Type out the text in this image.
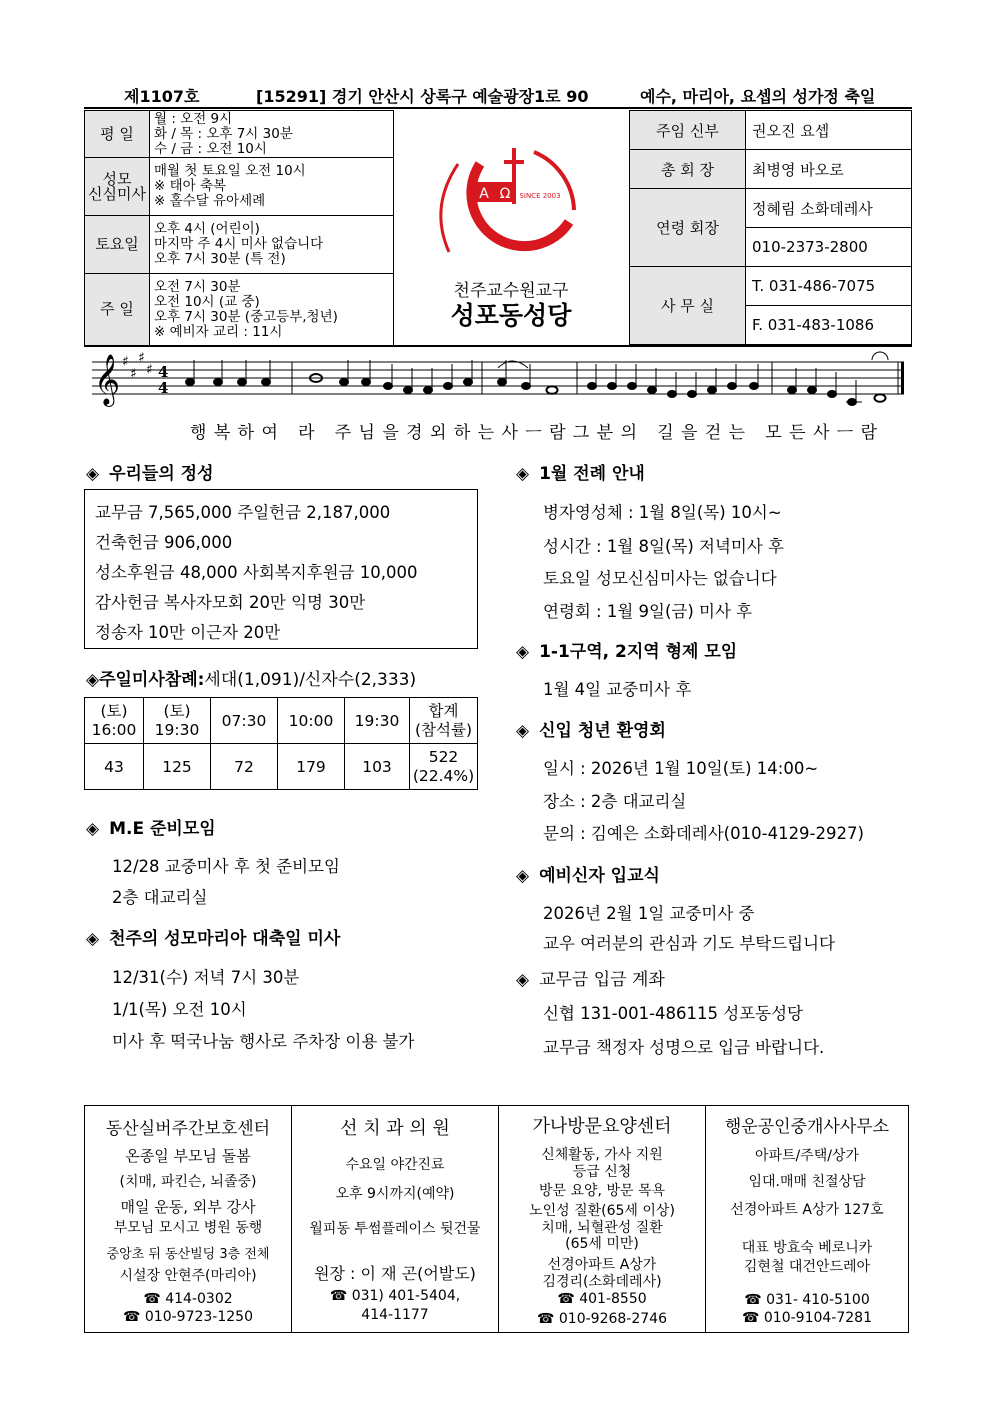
제1107호	[15291] 경기 안산시 상록구 예술광장1로 90	예수, 마리아, 요셉의 성가정 축일
평 일	월 : 오전 9시
화 / 목 : 오후 7시 30분
수 / 금 : 오전 10시

성모
신심미사	매월 첫 토요일 오전 10시
※ 태아 축복
※ 홀수달 유아세례

토요일	오후 4시 (어린이)
마지막 주 4시 미사 없습니다
오후 7시 30분 (특 전)

주 일	오전 7시 30분
오전 10시 (교 중)
오후 7시 30분 (중고등부,청년)
※ 예비자 교리 : 11시
A Ω SINCE 2003
천주교수원교구
성포동성당
주임 신부	권오진 요셉
총 회 장	최병영 바오로
연령 회장	정혜림 소화데레사
	010-2373-2800
사 무 실	T. 031-486-7075
	F. 031-483-1086
𝄞 ♯
♯
♯
♯ 4
4
행복하여 라 주님을경외하는사ㅡ람그분의 길을걷는 모든사ㅡ람
◈ 우리들의 정성
교무금 7,565,000 주일헌금 2,187,000
건축헌금 906,000
성소후원금 48,000 사회복지후원금 10,000
감사헌금 복사자모회 20만 익명 30만
정송자 10만 이근자 20만
◈주일미사참례:세대(1,091)/신자수(2,333)
(토)
16:00	(토)
19:30	07:30	10:00	19:30	합계
(참석률)
43	125	72	179	103	522
(22.4%)
◈ M.E 준비모임
12/28 교중미사 후 첫 준비모임
2층 대교리실
◈ 천주의 성모마리아 대축일 미사
12/31(수) 저녁 7시 30분
1/1(목) 오전 10시
미사 후 떡국나눔 행사로 주차장 이용 불가
◈ 1월 전례 안내
병자영성체 : 1월 8일(목) 10시~
성시간 : 1월 8일(목) 저녁미사 후
토요일 성모신심미사는 없습니다
연령회 : 1월 9일(금) 미사 후
◈ 1-1구역, 2지역 형제 모임
1월 4일 교중미사 후
◈ 신입 청년 환영회
일시 : 2026년 1월 10일(토) 14:00~
장소 : 2층 대교리실
문의 : 김예은 소화데레사(010-4129-2927)
◈ 예비신자 입교식
2026년 2월 1일 교중미사 중
교우 여러분의 관심과 기도 부탁드립니다
◈ 교무금 입금 계좌
신협 131-001-486115 성포동성당
교무금 책정자 성명으로 입금 바랍니다.
동산실버주간보호센터
온종일 부모님 돌봄
(치매, 파킨슨, 뇌졸중)
매일 운동, 외부 강사
부모님 모시고 병원 동행
중앙초 뒤 동산빌딩 3층 전체
시설장 안현주(마리아)
☎ 414-0302
☎ 010-9723-1250

선 치 과 의 원
수요일 야간진료
오후 9시까지(예약)
월피동 투썸플레이스 뒷건물
원장 : 이 재 곤(어발도)
☎ 031) 401-5404,
414-1177

가나방문요양센터
신체활동, 가사 지원
등급 신청
방문 요양, 방문 목욕
노인성 질환(65세 이상)
치매, 뇌혈관성 질환
(65세 미만)
선경아파트 A상가
김경리(소화데레사)
☎ 401-8550
☎ 010-9268-2746

행운공인중개사사무소
아파트/주택/상가
임대.매매 친절상담
선경아파트 A상가 127호
대표 방효숙 베로니카
김현철 대건안드레아
☎ 031- 410-5100
☎ 010-9104-7281
